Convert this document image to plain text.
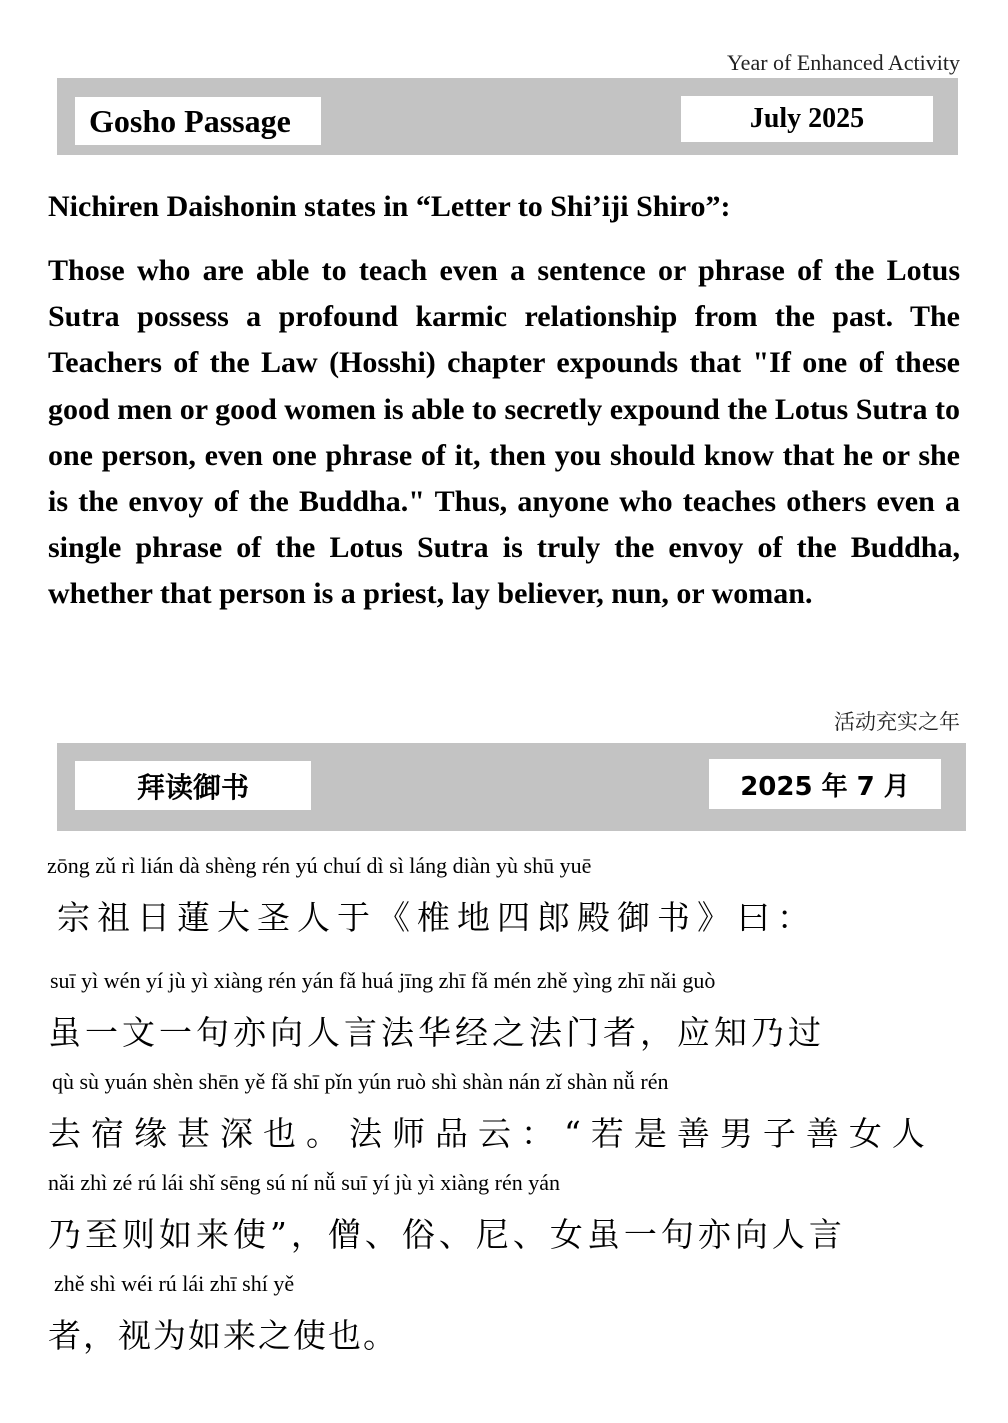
Year of Enhanced Activity
Gosho Passage	July 2025
Nichiren Daishonin states in “Letter to Shi’iji Shiro”:
Those who are able to teach even a sentence or phrase of the Lotus Sutra possess a profound karmic relationship from the past. The Teachers of the Law (Hosshi) chapter expounds that "If one of these good men or good women is able to secretly expound the Lotus Sutra to one person, even one phrase of it, then you should know that he or she is the envoy of the Buddha." Thus, anyone who teaches others even a single phrase of the Lotus Sutra is truly the envoy of the Buddha, whether that person is a priest, lay believer, nun, or woman.
活动充实之年
拜读御书	2025 年 7 月
zōng zǔ rì lián dà shèng rén yú chuí dì sì láng diàn yù shū yuē
宗祖日蓮大圣人于《椎地四郎殿御书》曰：
suī yì wén yí jù yì xiàng rén yán fǎ huá jīng zhī fǎ mén zhě yìng zhī nǎi guò
虽一文一句亦向人言法华经之法门者，应知乃过
qù sù yuán shèn shēn yě fǎ shī pǐn yún ruò shì shàn nán zǐ shàn nǚ rén
去宿缘甚深也。法师品云：“若是善男子善女人
nǎi zhì zé rú lái shǐ sēng sú ní nǚ suī yí jù yì xiàng rén yán
乃至则如来使”，僧、俗、尼、女虽一句亦向人言
zhě shì wéi rú lái zhī shí yě
者，视为如来之使也。
